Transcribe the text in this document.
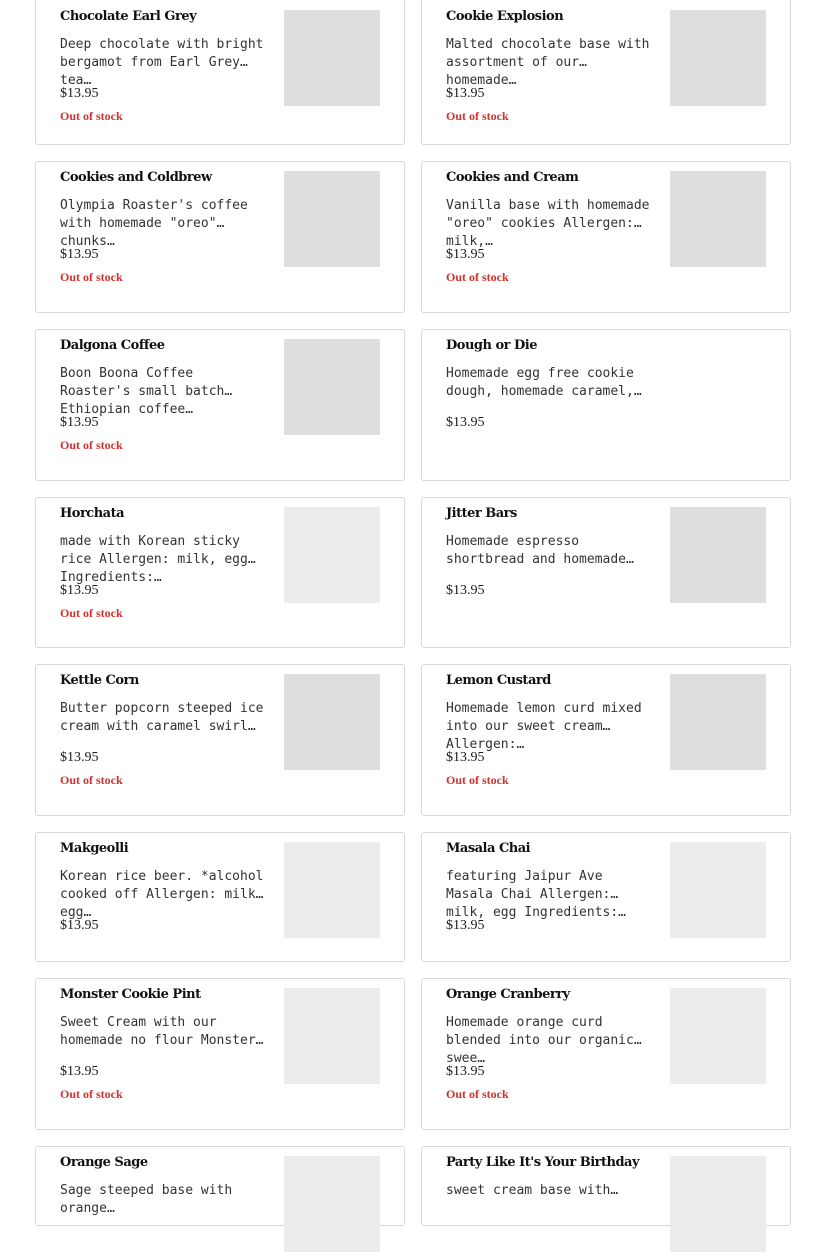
Chocolate Earl Grey
Deep chocolate with bright bergamot from Earl Grey tea…
$13.95
Out of stock
Cookie Explosion
Malted chocolate base with assortment of our homemade…
$13.95
Out of stock
Cookies and Coldbrew
Olympia Roaster's coffee with homemade "oreo" chunks…
$13.95
Out of stock
Cookies and Cream
Vanilla base with homemade "oreo" cookies Allergen: milk,…
$13.95
Out of stock
Dalgona Coffee
Boon Boona Coffee Roaster's small batch Ethiopian coffee…
$13.95
Out of stock
Dough or Die
Homemade egg free cookie dough, homemade caramel,…
$13.95
Horchata
made with Korean sticky rice Allergen: milk, egg Ingredients:…
$13.95
Out of stock
Jitter Bars
Homemade espresso shortbread and homemade…
$13.95
Kettle Corn
Butter popcorn steeped ice cream with caramel swirl…
$13.95
Out of stock
Lemon Custard
Homemade lemon curd mixed into our sweet cream Allergen:…
$13.95
Out of stock
Makgeolli
Korean rice beer. *alcohol cooked off Allergen: milk, egg…
$13.95
Masala Chai
featuring Jaipur Ave Masala Chai Allergen: milk, egg Ingredients:…
$13.95
Monster Cookie Pint
Sweet Cream with our homemade no flour Monster…
$13.95
Out of stock
Orange Cranberry
Homemade orange curd blended into our organic swee…
$13.95
Out of stock
Orange Sage
Sage steeped base with orange…
Party Like It's Your Birthday
sweet cream base with…
